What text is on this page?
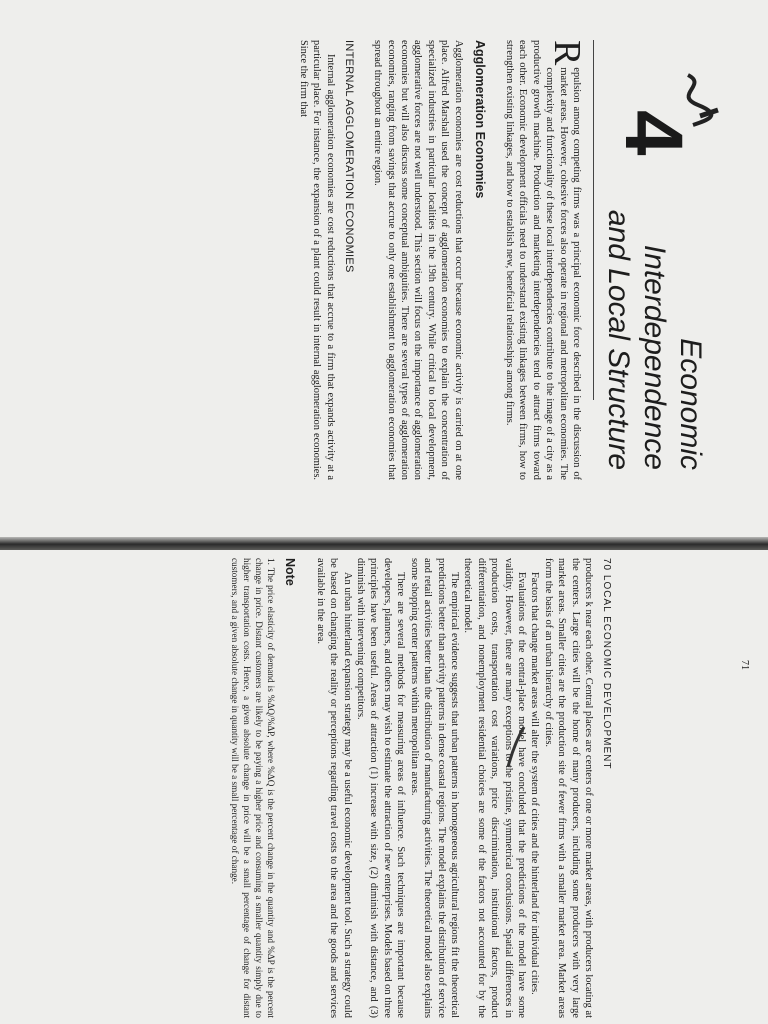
4
Economic Interdependence
and Local Structure
71

R
epulsion among competing firms was a principal economic force described in the discussion of market areas. However, cohesive forces also operate in regional and metropolitan economies. The complexity and functionality of these local interdependencies contribute to the image of a city as a productive growth machine. Production and marketing interdependencies tend to attract firms toward each other. Economic development officials need to understand existing linkages between firms, how to strengthen existing linkages, and how to establish new, beneficial relationships among firms.

Agglomeration Economies

Agglomeration economies are cost reductions that occur because economic activity is carried on at one place. Alfred Marshall used the concept of agglomeration economies to explain the concentration of specialized industries in particular localities in the 19th century. While critical to local development, agglomerative forces are not well understood. This section will focus on the importance of agglomeration economies but will also discuss some conceptual ambiguities. There are several types of agglomeration economies, ranging from savings that accrue to only one establishment to agglomeration economies that spread throughout an entire region.

INTERNAL AGGLOMERATION ECONOMIES

Internal agglomeration economies are cost reductions that accrue to a firm that expands activity at a particular place. For instance, the expansion of a plant could result in internal agglomeration economies. Since the firm that

70 LOCAL ECONOMIC DEVELOPMENT

producers k near each other. Central places are centers of one or more market areas, with producers locating at the centers. Large cities will be the home of many producers, including some producers with very large market areas. Smaller cities are the production site of fewer firms with a smaller market area. Market areas form the basis of an urban hierarchy of cities.

Factors that change market areas will alter the system of cities and the hinterland for individual cities.

Evaluations of the central-place model have concluded that the predictions of the model have some validity. However, there are many exceptions to the pristine, symmetrical conclusions. Spatial differences in production costs, transportation cost variations, price discrimination, institutional factors, product differentiation, and nonemployment residential choices are some of the factors not accounted for by the theoretical model.

The empirical evidence suggests that urban patterns in homogeneous agricultural regions fit the theoretical predictions better than activity patterns in dense coastal regions. The model explains the distribution of service and retail activities better than the distribution of manufacturing activities. The theoretical model also explains some shopping center patterns within metropolitan areas.

There are several methods for measuring areas of influence. Such techniques are important because developers, planners, and others may wish to estimate the attraction of new enterprises. Models based on three principles have been useful. Areas of attraction (1) increase with size, (2) diminish with distance, and (3) diminish with intervening competitors.

An urban hinterland expansion strategy may be a useful economic development tool. Such a strategy could be based on changing the reality or perceptions regarding travel costs to the area and the goods and services available in the area.

Note

1. The price elasticity of demand is %ΔQ/%ΔP, where %ΔQ is the percent change in the quantity and %ΔP is the percent change in price. Distant customers are likely to be paying a higher price and consuming a smaller quantity simply due to higher transportation costs. Hence, a given absolute change in price will be a small percentage of change for distant customers, and a given absolute change in quantity will be a small percentage of change.
